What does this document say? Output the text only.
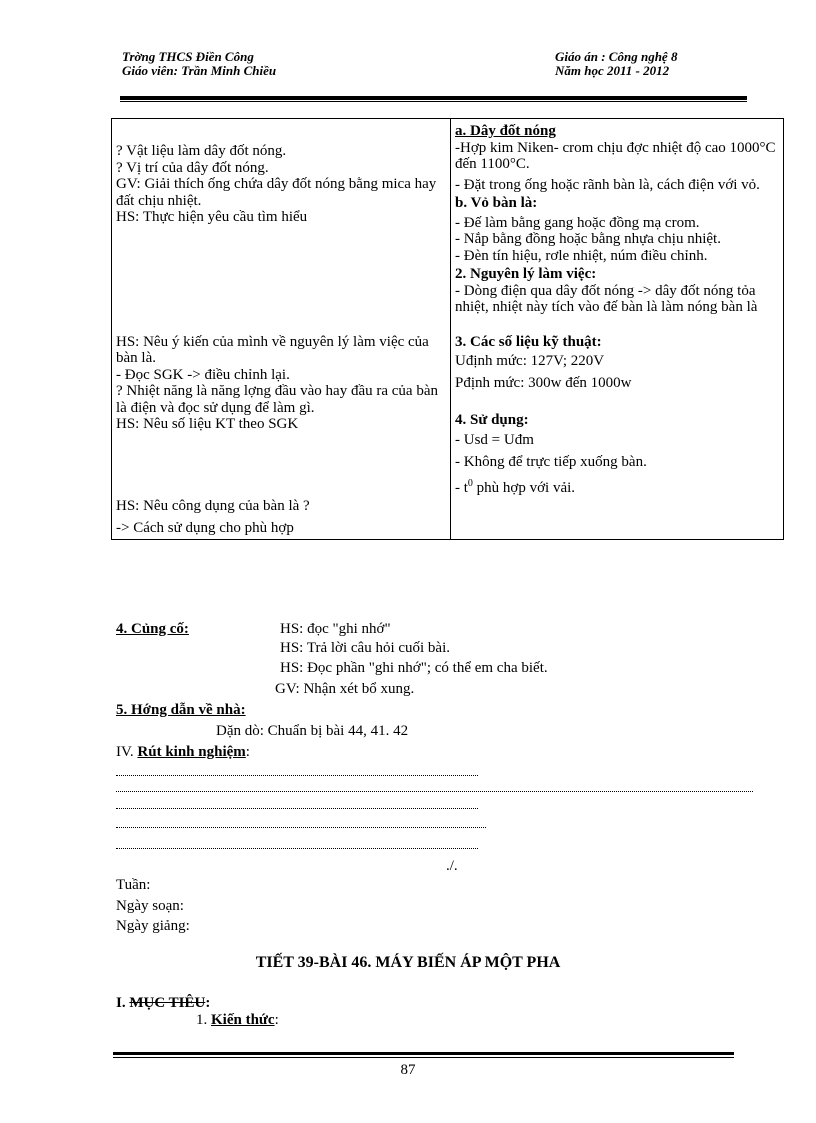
Trờng THCS Điền Công
Giáo viên: Trần Minh Chiều
Giáo án : Công nghệ 8
Năm học 2011 - 2012
? Vật liệu làm dây đốt nóng.
? Vị trí của dây đốt nóng.
GV: Giải thích ống chứa dây đốt nóng bằng mica hay đất chịu nhiệt.
HS: Thực hiện yêu cầu tìm hiểu
HS: Nêu ý kiến của mình về nguyên lý làm việc của bàn là.
- Đọc SGK -> điều chỉnh lại.
? Nhiệt năng là năng lợng đầu vào hay đầu ra của bàn là điện và đọc sử dụng để làm gì.
HS: Nêu số liệu KT theo SGK
HS: Nêu công dụng của bàn là ?
-> Cách sử dụng cho phù hợp

a. Dây đốt nóng
-Hợp kim Niken- crom chịu đợc nhiệt độ cao 1000°C đến 1100°C.
- Đặt trong ống hoặc rãnh bàn là, cách điện với vỏ.
b. Vỏ bàn là:
- Đế làm bằng gang hoặc đồng mạ crom.
- Nắp bằng đồng hoặc bằng nhựa chịu nhiệt.
- Đèn tín hiệu, rơle nhiệt, núm điều chỉnh.
2. Nguyên lý làm việc:
- Dòng điện qua dây đốt nóng -> dây đốt nóng tỏa nhiệt, nhiệt này tích vào đế bàn là làm nóng bàn là
3. Các số liệu kỹ thuật:
Uđịnh mức: 127V; 220V
Pđịnh mức: 300w đến 1000w
4. Sử dụng:
- Usd = Uđm
- Không để trực tiếp xuống bàn.
- $t^0$ phù hợp với vải.
4. Củng cố:	HS: đọc "ghi nhớ"
HS: Trả lời câu hỏi cuối bài.
HS: Đọc phần "ghi nhớ"; có thể em cha biết.
GV: Nhận xét bổ xung.
5. Hớng dẫn về nhà:
Dặn dò: Chuẩn bị bài 44, 41. 42
IV. Rút kinh nghiệm:
./.
Tuần:
Ngày soạn:
Ngày giảng:
TIẾT 39-BÀI 46. MÁY BIẾN ÁP MỘT PHA
I. MỤC TIÊU:
1. Kiến thức:
87
